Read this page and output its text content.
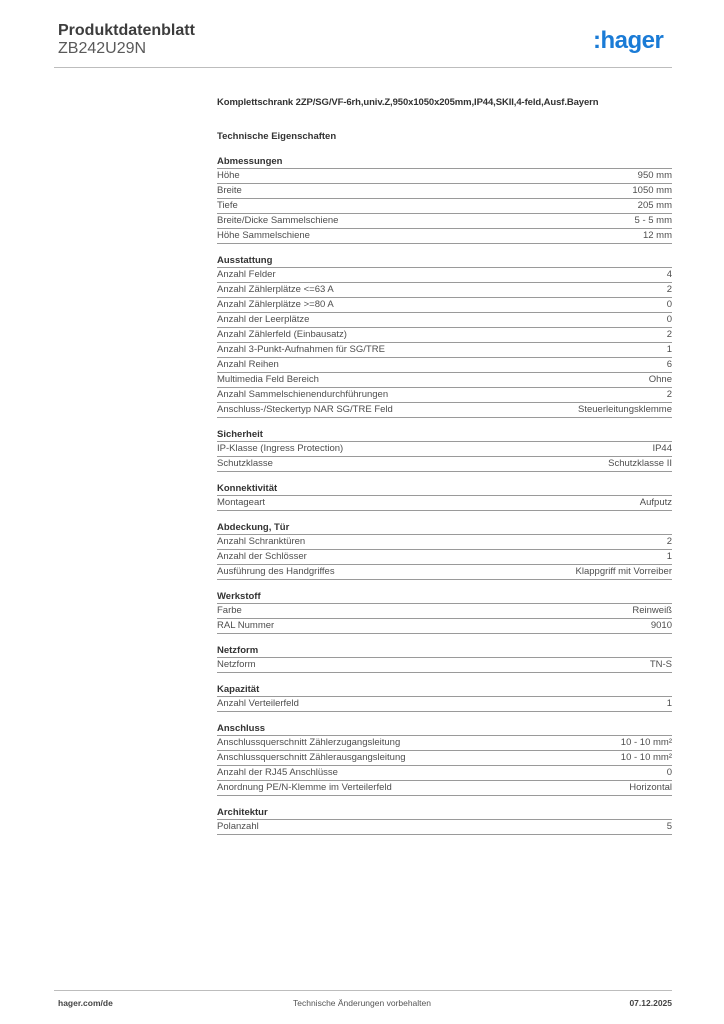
Produktdatenblatt
ZB242U29N	:hager
Komplettschrank 2ZP/SG/VF-6rh,univ.Z,950x1050x205mm,IP44,SKII,4-feld,Ausf.Bayern
Technische Eigenschaften
Abmessungen
Höhe	950 mm
Breite	1050 mm
Tiefe	205 mm
Breite/Dicke Sammelschiene	5 - 5 mm
Höhe Sammelschiene	12 mm
Ausstattung
Anzahl Felder	4
Anzahl Zählerplätze <=63 A	2
Anzahl Zählerplätze >=80 A	0
Anzahl der Leerplätze	0
Anzahl Zählerfeld (Einbausatz)	2
Anzahl 3-Punkt-Aufnahmen für SG/TRE	1
Anzahl Reihen	6
Multimedia Feld Bereich	Ohne
Anzahl Sammelschienendurchführungen	2
Anschluss-/Steckertyp NAR SG/TRE Feld	Steuerleitungsklemme
Sicherheit
IP-Klasse (Ingress Protection)	IP44
Schutzklasse	Schutzklasse II
Konnektivität
Montageart	Aufputz
Abdeckung, Tür
Anzahl Schranktüren	2
Anzahl der Schlösser	1
Ausführung des Handgriffes	Klappgriff mit Vorreiber
Werkstoff
Farbe	Reinweiß
RAL Nummer	9010
Netzform
Netzform	TN-S
Kapazität
Anzahl Verteilerfeld	1
Anschluss
Anschlussquerschnitt Zählerzugangsleitung	10 - 10 mm²
Anschlussquerschnitt Zählerausgangsleitung	10 - 10 mm²
Anzahl der RJ45 Anschlüsse	0
Anordnung PE/N-Klemme im Verteilerfeld	Horizontal
Architektur
Polanzahl	5
hager.com/de	Technische Änderungen vorbehalten	07.12.2025
